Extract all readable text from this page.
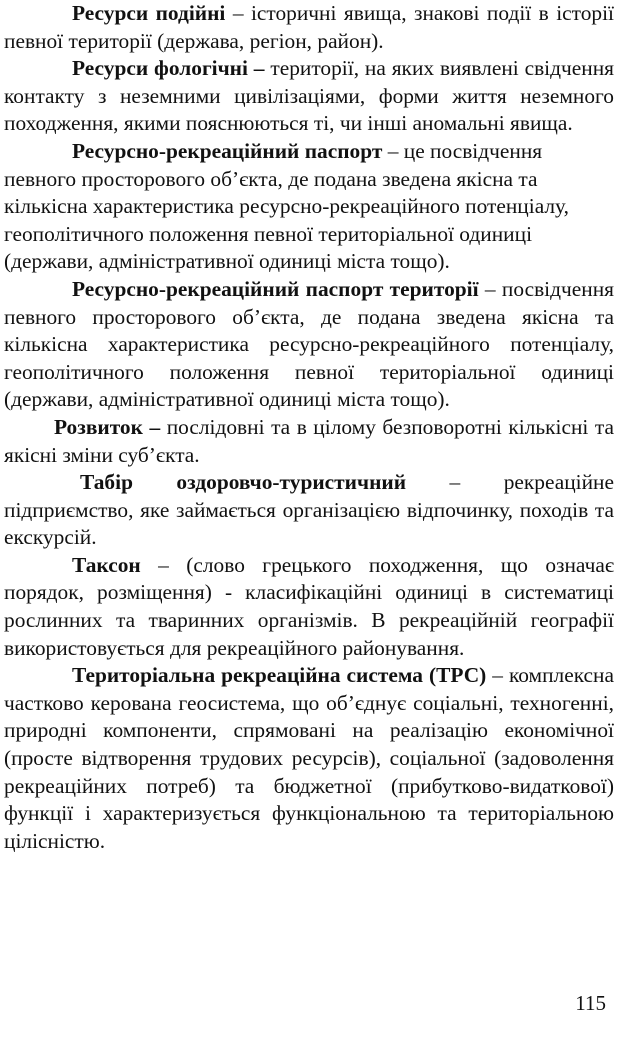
Ресурси подійні – історичні явища, знакові події в історії певної території (держава, регіон, район).

Ресурси фологічні – території, на яких виявлені свідчення контакту з неземними цивілізаціями, форми життя неземного походження, якими пояснюються ті, чи інші аномальні явища.

Ресурсно-рекреаційний паспорт – це посвідчення певного просторового об’єкта, де подана зведена якісна та кількісна характеристика ресурсно-рекреаційного потенціалу, геополітичного положення певної територіальної одиниці (держави, адміністративної одиниці міста тощо).

Ресурсно-рекреаційний паспорт території – посвідчення певного просторового об’єкта, де подана зведена якісна та кількісна характеристика ресурсно-рекреаційного потенціалу, геополітичного положення певної територіальної одиниці (держави, адміністративної одиниці міста тощо).

Розвиток – послідовні та в цілому безповоротні кількісні та якісні зміни суб’єкта.

Табір оздоровчо-туристичний – рекреаційне підприємство, яке займається організацією відпочинку, походів та екскурсій.

Таксон – (слово грецького походження, що означає порядок, розміщення) - класифікаційні одиниці в систематиці рослинних та тваринних організмів. В рекреаційній географії використовується для рекреаційного районування.

Територіальна рекреаційна система (ТРС) – комплексна частково керована геосистема, що об’єднує соціальні, техногенні, природні компоненти, спрямовані на реалізацію економічної (просте відтворення трудових ресурсів), соціальної (задоволення рекреаційних потреб) та бюджетної (прибутково-видаткової) функції і характеризується функціональною та територіальною цілісністю.

115
